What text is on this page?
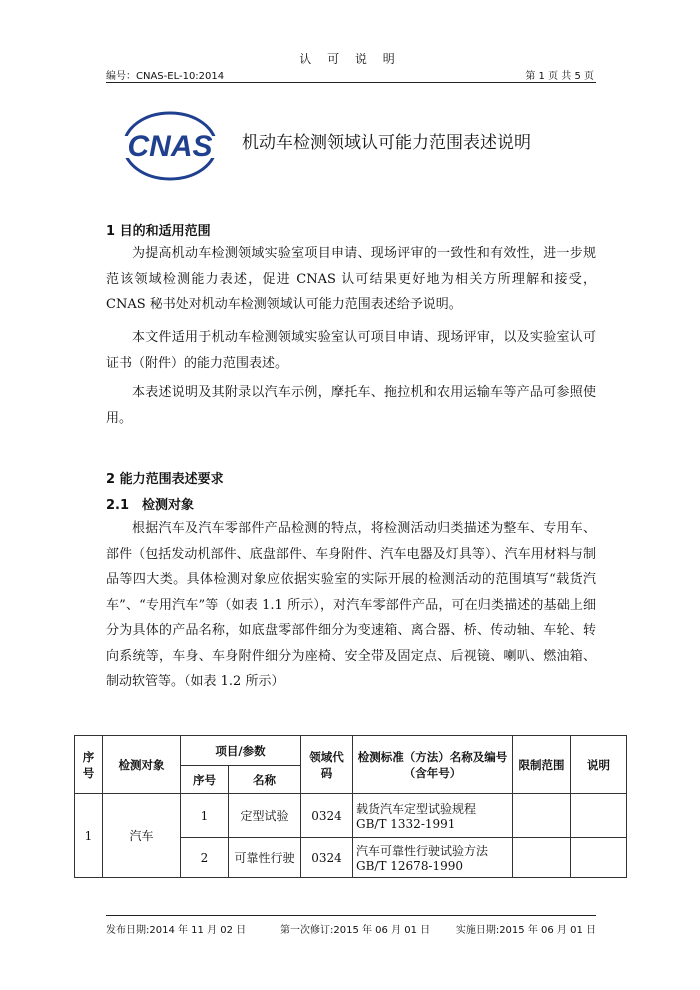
认 可 说 明
编号：CNAS-EL-10:2014	第 1 页 共 5 页
CNAS 机动车检测领域认可能力范围表述说明
1 目的和适用范围
为提高机动车检测领域实验室项目申请、现场评审的一致性和有效性，进一步规范该领域检测能力表述，促进 CNAS 认可结果更好地为相关方所理解和接受，CNAS 秘书处对机动车检测领域认可能力范围表述给予说明。
本文件适用于机动车检测领域实验室认可项目申请、现场评审，以及实验室认可证书（附件）的能力范围表述。
本表述说明及其附录以汽车示例，摩托车、拖拉机和农用运输车等产品可参照使用。
2 能力范围表述要求
2.1　检测对象
根据汽车及汽车零部件产品检测的特点，将检测活动归类描述为整车、专用车、部件（包括发动机部件、底盘部件、车身附件、汽车电器及灯具等）、汽车用材料与制品等四大类。具体检测对象应依据实验室的实际开展的检测活动的范围填写“载货汽车”、“专用汽车”等（如表 1.1 所示），对汽车零部件产品，可在归类描述的基础上细分为具体的产品名称，如底盘零部件细分为变速箱、离合器、桥、传动轴、车轮、转向系统等，车身、车身附件细分为座椅、安全带及固定点、后视镜、喇叭、燃油箱、制动软管等。（如表 1.2 所示）
序号	检测对象	项目/参数		领域代码	检测标准（方法）名称及编号（含年号）	限制范围	说明
		序号	名称				
1	汽车	1	定型试验	0324	载货汽车定型试验规程
GB/T 1332-1991		

		2	可靠性行驶	0324	汽车可靠性行驶试验方法
GB/T 12678-1990		

发布日期:2014 年 11 月 02 日	第一次修订:2015 年 06 月 01 日	实施日期:2015 年 06 月 01 日
